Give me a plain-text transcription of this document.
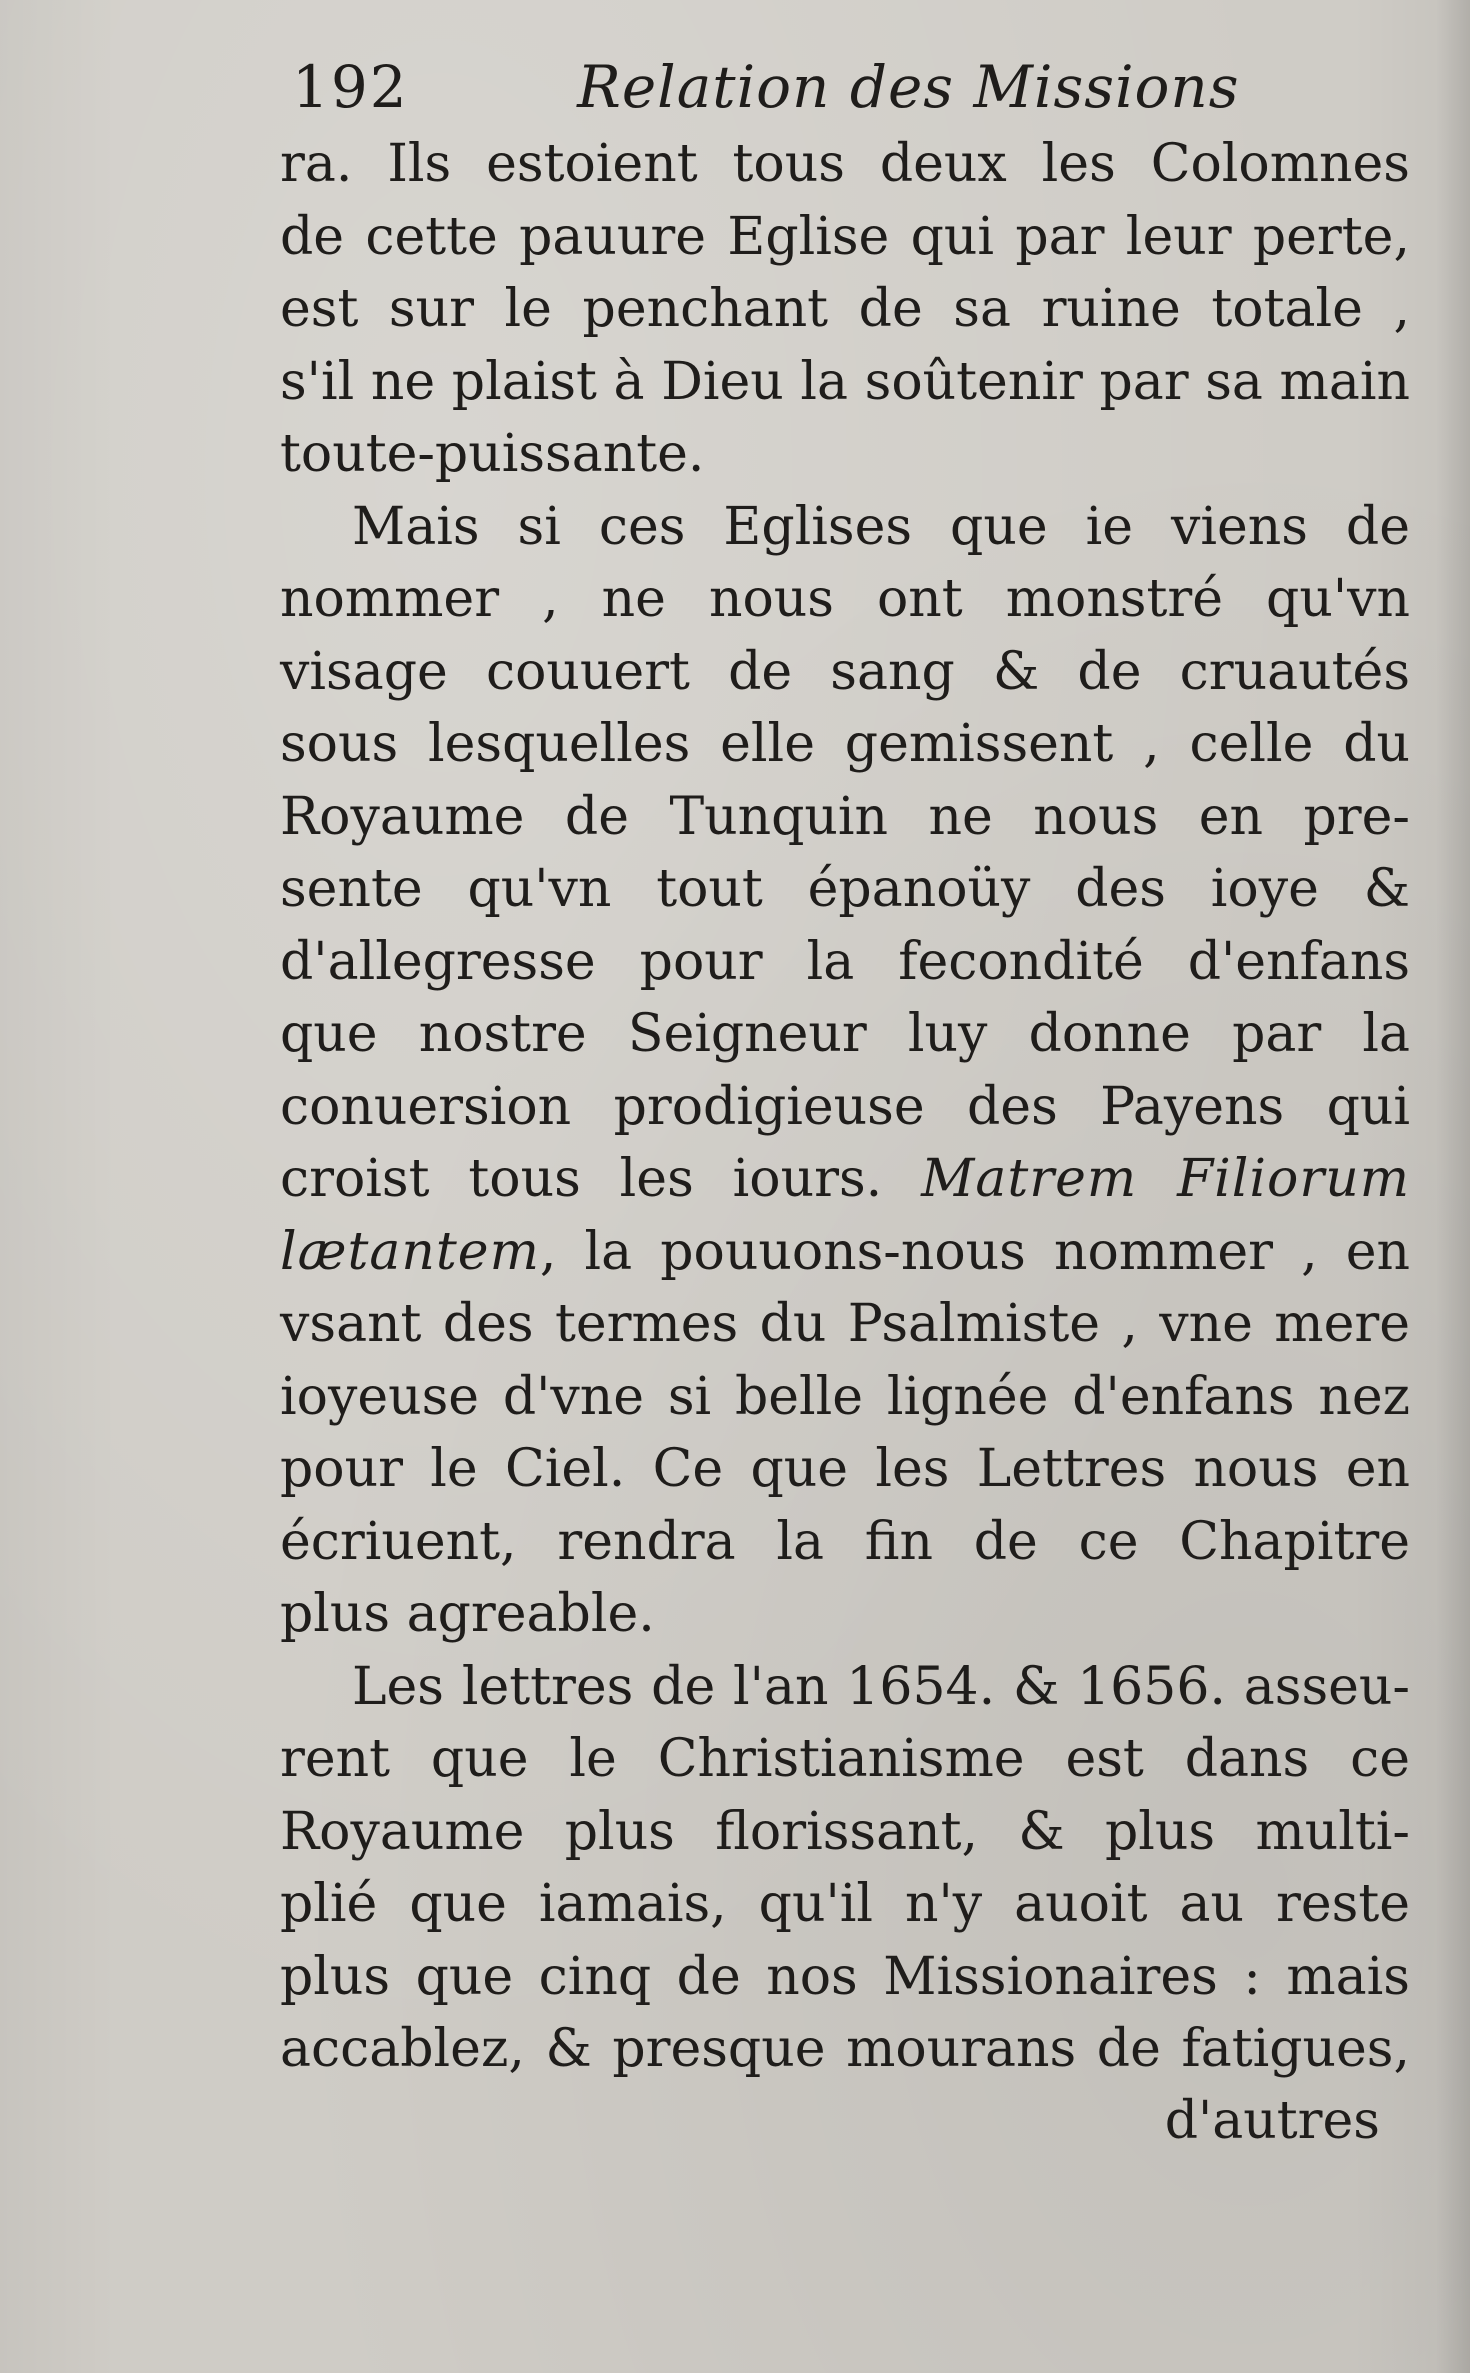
192	Relation des Missions
ra. Ils estoient tous deux les Colomnes
de cette pauure Eglise qui par leur perte,
est sur le penchant de sa ruine totale ,
s'il ne plaist à Dieu la soûtenir par sa main
toute-puissante.
Mais si ces Eglises que ie viens de
nommer , ne nous ont monstré qu'vn
visage couuert de sang & de cruautés
sous lesquelles elle gemissent , celle du
Royaume de Tunquin ne nous en pre-
sente qu'vn tout épanoüy des ioye &
d'allegresse pour la fecondité d'enfans
que nostre Seigneur luy donne par la
conuersion prodigieuse des Payens qui
croist tous les iours. Matrem Filiorum
lætantem, la pouuons-nous nommer , en
vsant des termes du Psalmiste , vne mere
ioyeuse d'vne si belle lignée d'enfans nez
pour le Ciel. Ce que les Lettres nous en
écriuent, rendra la fin de ce Chapitre
plus agreable.
Les lettres de l'an 1654. & 1656. asseu-
rent que le Christianisme est dans ce
Royaume plus florissant, & plus multi-
plié que iamais, qu'il n'y auoit au reste
plus que cinq de nos Missionaires : mais
accablez, & presque mourans de fatigues,
d'autres
